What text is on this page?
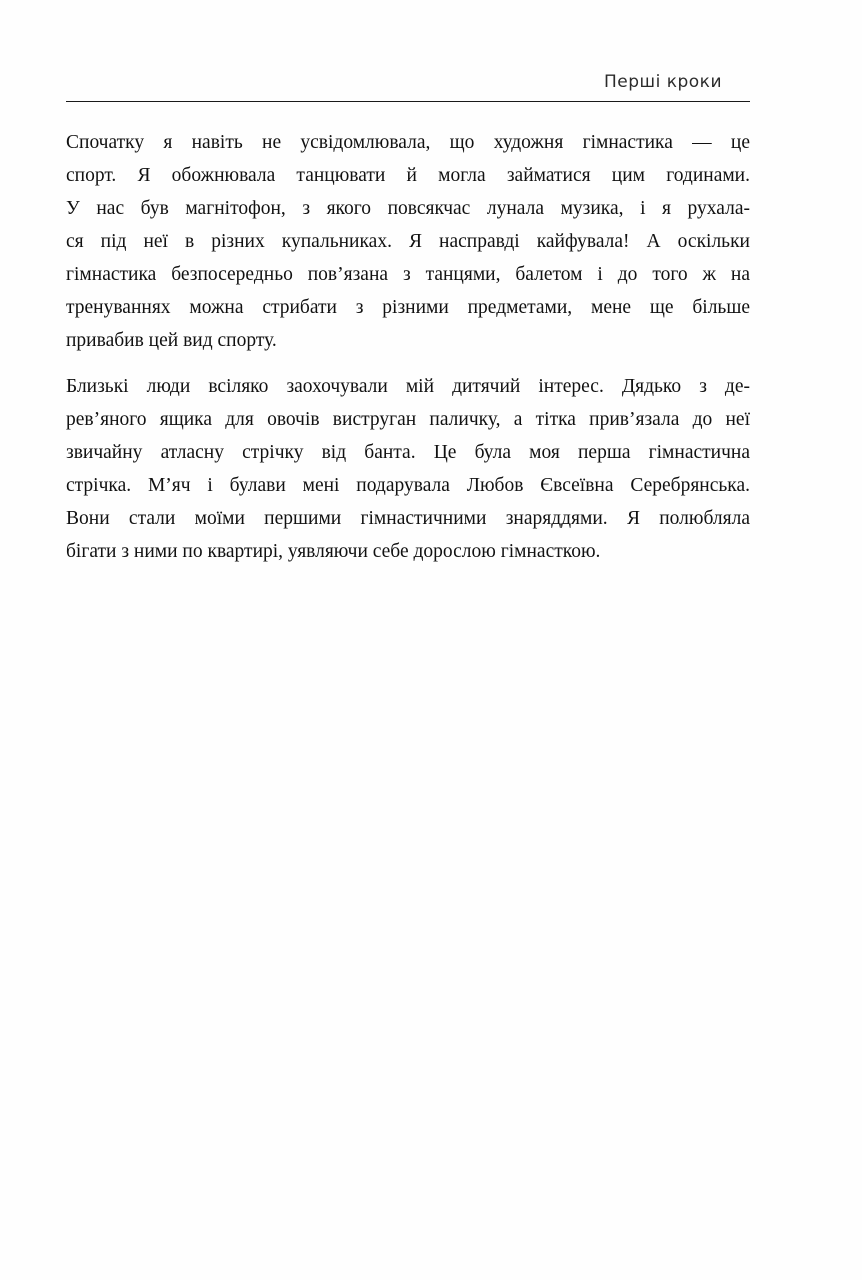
Перші кроки

Спочатку я навіть не усвідомлювала, що художня гімнастика — це
спорт. Я обожнювала танцювати й могла займатися цим годинами.
У нас був магнітофон, з якого повсякчас лунала музика, і я рухала-
ся під неї в різних купальниках. Я насправді кайфувала! А оскільки
гімнастика безпосередньо пов’язана з танцями, балетом і до того ж на
тренуваннях можна стрибати з різними предметами, мене ще більше
привабив цей вид спорту.

Близькі люди всіляко заохочували мій дитячий інтерес. Дядько з де-
рев’яного ящика для овочів виструган паличку, а тітка прив’язала до неї
звичайну атласну стрічку від банта. Це була моя перша гімнастична
стрічка. М’яч і булави мені подарувала Любов Євсеївна Серебрянська.
Вони стали моїми першими гімнастичними знаряддями. Я полюбляла
бігати з ними по квартирі, уявляючи себе дорослою гімнасткою.
